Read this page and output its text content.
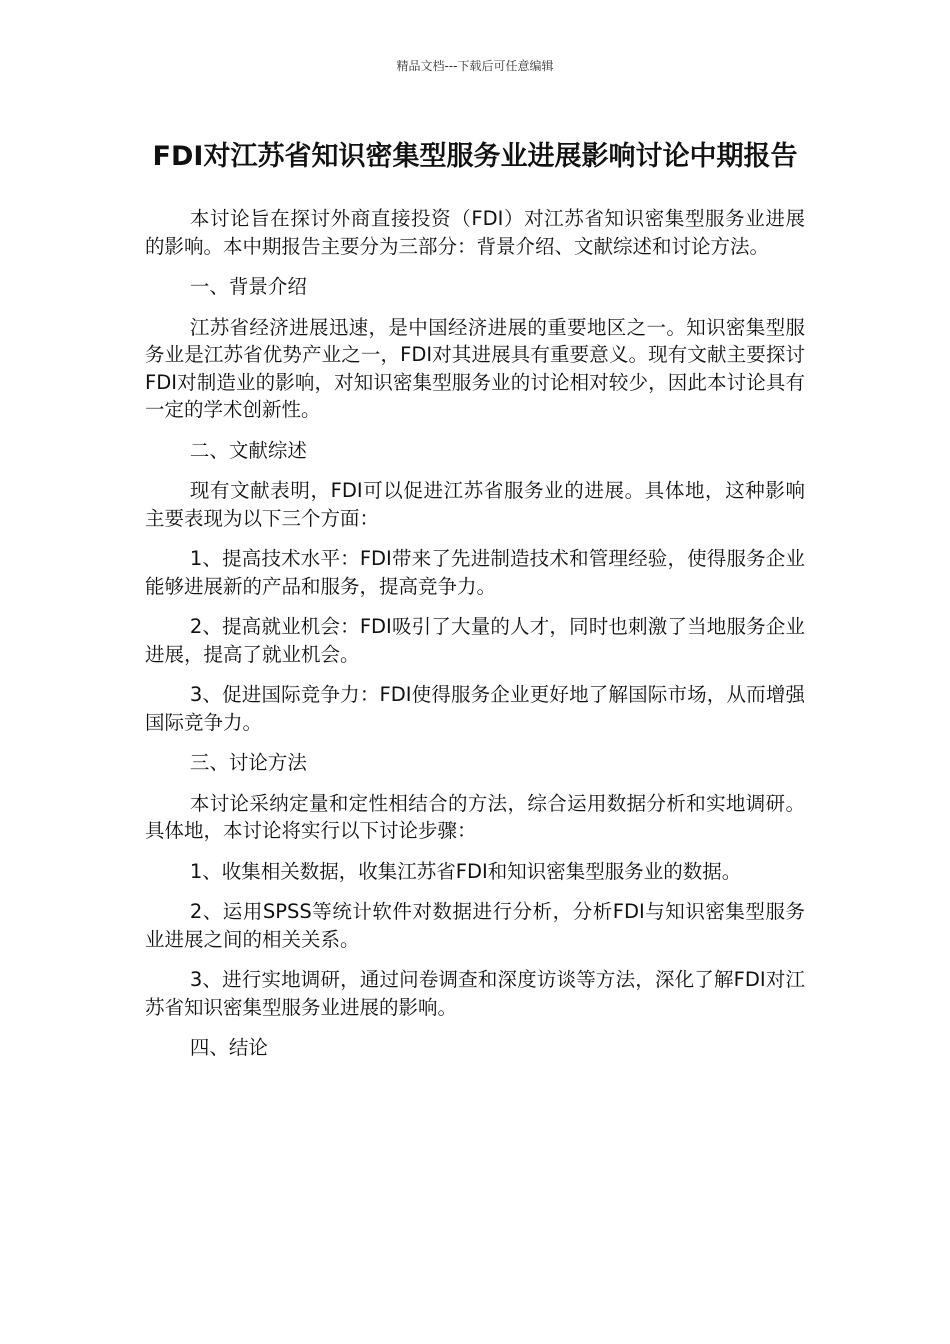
精品文档---下载后可任意编辑
FDI对江苏省知识密集型服务业进展影响讨论中期报告

本讨论旨在探讨外商直接投资（FDI）对江苏省知识密集型服务业进展的影响。本中期报告主要分为三部分：背景介绍、文献综述和讨论方法。

一、背景介绍

江苏省经济进展迅速，是中国经济进展的重要地区之一。知识密集型服务业是江苏省优势产业之一，FDI对其进展具有重要意义。现有文献主要探讨FDI对制造业的影响，对知识密集型服务业的讨论相对较少，因此本讨论具有一定的学术创新性。

二、文献综述

现有文献表明，FDI可以促进江苏省服务业的进展。具体地，这种影响主要表现为以下三个方面：

1、提高技术水平：FDI带来了先进制造技术和管理经验，使得服务企业能够进展新的产品和服务，提高竞争力。

2、提高就业机会：FDI吸引了大量的人才，同时也刺激了当地服务企业进展，提高了就业机会。

3、促进国际竞争力：FDI使得服务企业更好地了解国际市场，从而增强国际竞争力。

三、讨论方法

本讨论采纳定量和定性相结合的方法，综合运用数据分析和实地调研。具体地，本讨论将实行以下讨论步骤：

1、收集相关数据，收集江苏省FDI和知识密集型服务业的数据。

2、运用SPSS等统计软件对数据进行分析，分析FDI与知识密集型服务业进展之间的相关关系。

3、进行实地调研，通过问卷调查和深度访谈等方法，深化了解FDI对江苏省知识密集型服务业进展的影响。

四、结论
